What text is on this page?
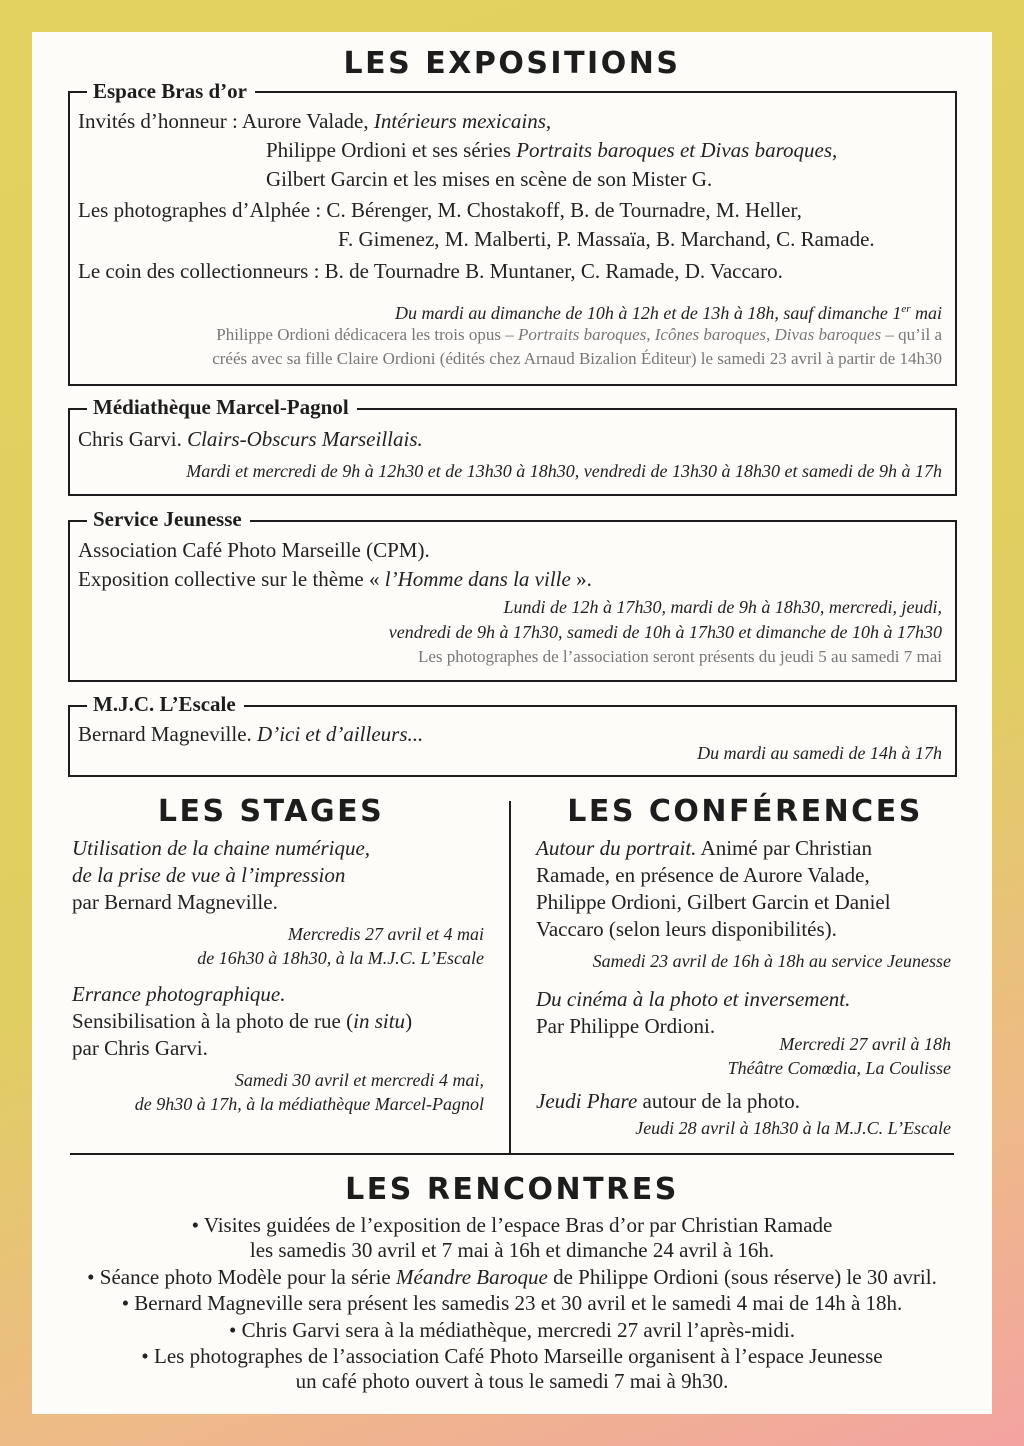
LES EXPOSITIONS
Espace Bras d’or
Invités d’honneur : Aurore Valade, Intérieurs mexicains,
Philippe Ordioni et ses séries Portraits baroques et Divas baroques,
Gilbert Garcin et les mises en scène de son Mister G.
Les photographes d’Alphée : C. Bérenger, M. Chostakoff, B. de Tournadre, M. Heller,
F. Gimenez, M. Malberti, P. Massaïa, B. Marchand, C. Ramade.
Le coin des collectionneurs : B. de Tournadre B. Muntaner, C. Ramade, D. Vaccaro.
Du mardi au dimanche de 10h à 12h et de 13h à 18h, sauf dimanche 1er mai
Philippe Ordioni dédicacera les trois opus – Portraits baroques, Icônes baroques, Divas baroques – qu’il a
créés avec sa fille Claire Ordioni (édités chez Arnaud Bizalion Éditeur) le samedi 23 avril à partir de 14h30
Médiathèque Marcel-Pagnol
Chris Garvi. Clairs-Obscurs Marseillais.
Mardi et mercredi de 9h à 12h30 et de 13h30 à 18h30, vendredi de 13h30 à 18h30 et samedi de 9h à 17h
Service Jeunesse
Association Café Photo Marseille (CPM).
Exposition collective sur le thème « l’Homme dans la ville ».
Lundi de 12h à 17h30, mardi de 9h à 18h30, mercredi, jeudi,
vendredi de 9h à 17h30, samedi de 10h à 17h30 et dimanche de 10h à 17h30
Les photographes de l’association seront présents du jeudi 5 au samedi 7 mai
M.J.C. L’Escale
Bernard Magneville. D’ici et d’ailleurs...
Du mardi au samedi de 14h à 17h
LES STAGES	LES CONFÉRENCES
Utilisation de la chaine numérique,
de la prise de vue à l’impression
par Bernard Magneville.
Mercredis 27 avril et 4 mai
de 16h30 à 18h30, à la M.J.C. L’Escale
Errance photographique.
Sensibilisation à la photo de rue (in situ)
par Chris Garvi.
Samedi 30 avril et mercredi 4 mai,
de 9h30 à 17h, à la médiathèque Marcel-Pagnol
Autour du portrait. Animé par Christian
Ramade, en présence de Aurore Valade,
Philippe Ordioni, Gilbert Garcin et Daniel
Vaccaro (selon leurs disponibilités).
Samedi 23 avril de 16h à 18h au service Jeunesse
Du cinéma à la photo et inversement.
Par Philippe Ordioni.
Mercredi 27 avril à 18h
Théâtre Comœdia, La Coulisse
Jeudi Phare autour de la photo.
Jeudi 28 avril à 18h30 à la M.J.C. L’Escale
LES RENCONTRES
• Visites guidées de l’exposition de l’espace Bras d’or par Christian Ramade
les samedis 30 avril et 7 mai à 16h et dimanche 24 avril à 16h.
• Séance photo Modèle pour la série Méandre Baroque de Philippe Ordioni (sous réserve) le 30 avril.
• Bernard Magneville sera présent les samedis 23 et 30 avril et le samedi 4 mai de 14h à 18h.
• Chris Garvi sera à la médiathèque, mercredi 27 avril l’après-midi.
• Les photographes de l’association Café Photo Marseille organisent à l’espace Jeunesse
un café photo ouvert à tous le samedi 7 mai à 9h30.
